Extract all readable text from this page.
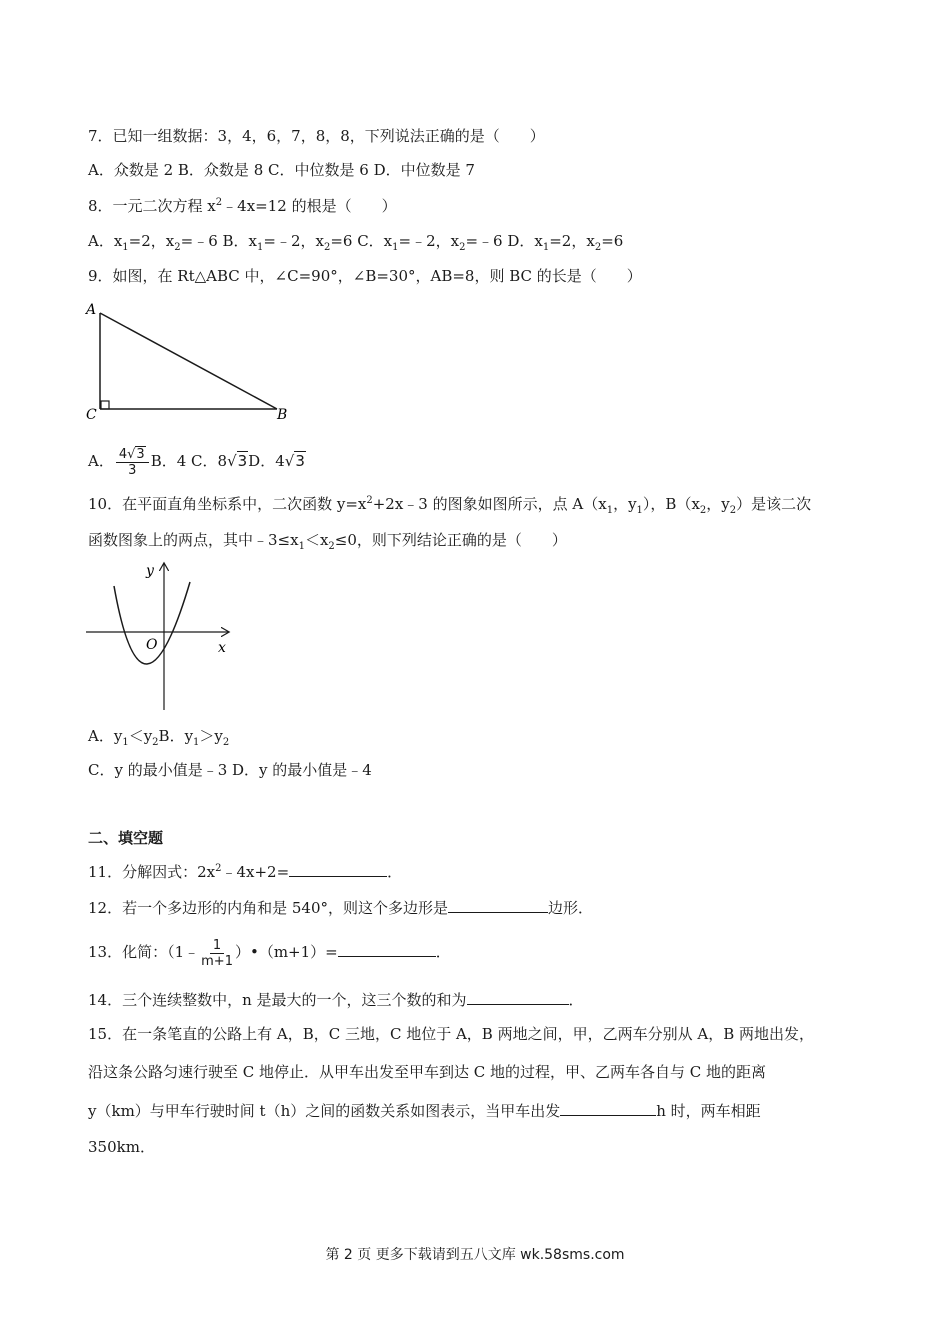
7．已知一组数据：3，4，6，7，8，8，下列说法正确的是（　　）
A．众数是 2 B．众数是 8 C．中位数是 6 D．中位数是 7
8．一元二次方程 $x^2﹣4x=12$ 的根是（　　）
A．$x_1=2$，$x_2=﹣6$ B．$x_1=﹣2$，$x_2=6$ C．$x_1=﹣2$，$x_2=﹣6$ D．$x_1=2$，$x_2=6$
9．如图，在 Rt△ABC 中，∠C=90°，∠B=30°，AB=8，则 BC 的长是（　　）
A
C	B
A． $\frac{4√3}{3}$ B．4 C．8√3D．4√3
10．在平面直角坐标系中，二次函数 $y=x^2+2x﹣3$ 的图象如图所示，点 $A(x_1$，$y_1$），$B(x_2$，$y_2$）是该二次
函数图象上的两点，其中$﹣3\le x_1<x_2\le 0$，则下列结论正确的是（　　）
y
x
O
A．$y_1<y_2B$．$y_1>y_2$
C．y 的最小值是﹣3 D．y 的最小值是﹣4
二、填空题
11．分解因式：$2x^2﹣4x+2=$	．
12．若一个多边形的内角和是 540°，则这个多边形是	边形．
13．化简：（1﹣ $\frac{1}{m+1}$ ）•（m+1）=	．
14．三个连续整数中，n 是最大的一个，这三个数的和为	．
15．在一条笔直的公路上有 A，B，C 三地，C 地位于 A，B 两地之间，甲，乙两车分别从 A，B 两地出发，
沿这条公路匀速行驶至 C 地停止．从甲车出发至甲车到达 C 地的过程，甲、乙两车各自与 C 地的距离
y（km）与甲车行驶时间 t（h）之间的函数关系如图表示，当甲车出发	h 时，两车相距
350km．
第 2 页 更多下载请到五八文库 wk.58sms.com
